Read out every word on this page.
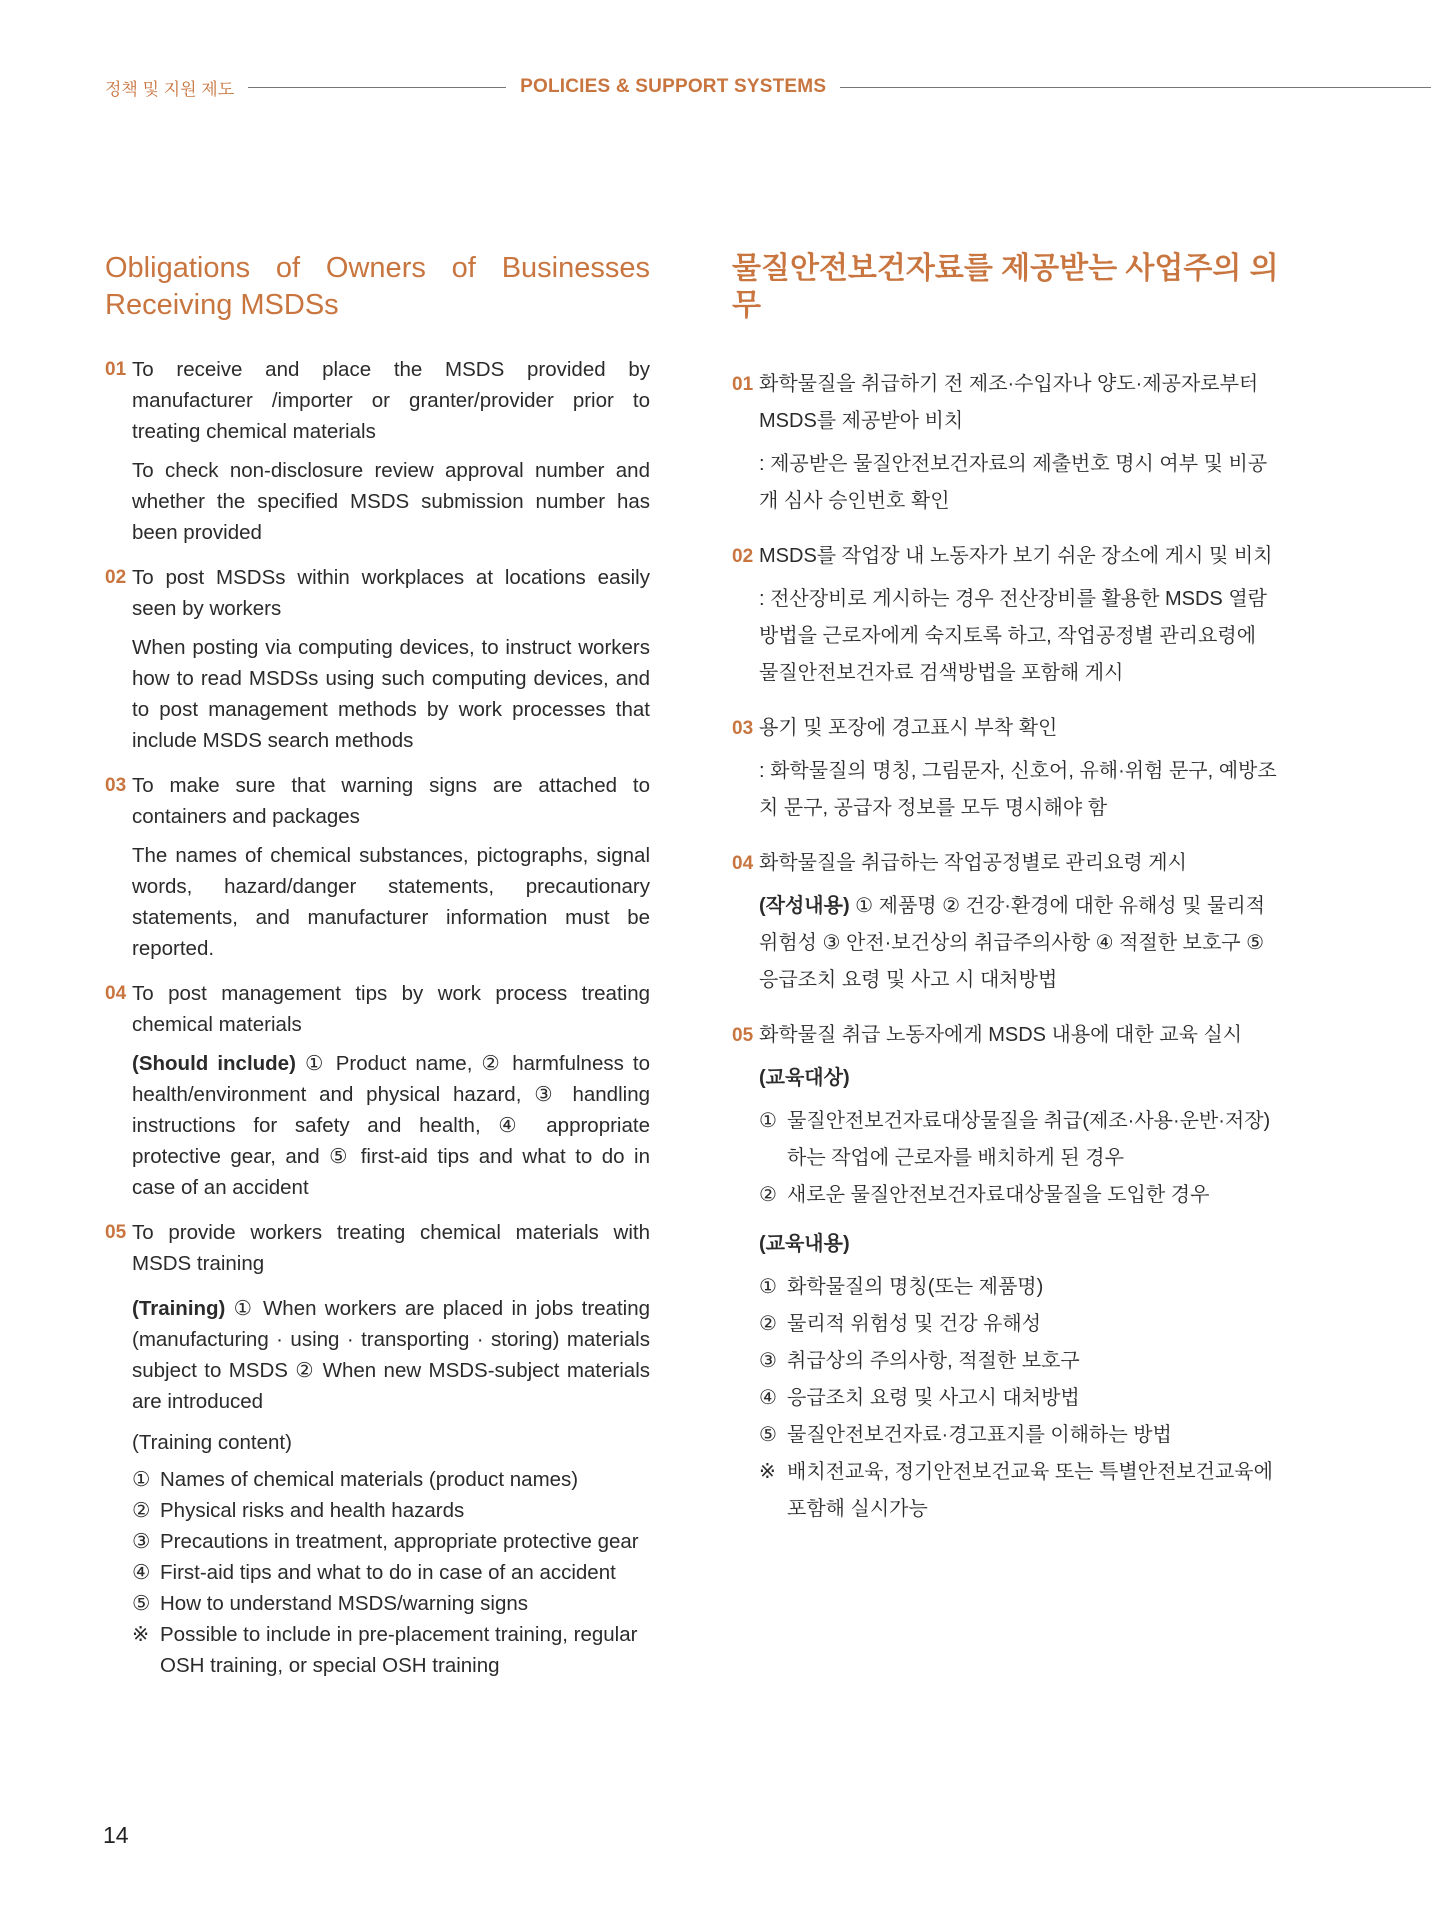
정책 및 지원 제도	POLICIES & SUPPORT SYSTEMS
Obligations of Owners of Businesses Receiving MSDSs
01 To receive and place the MSDS provided by manufacturer /importer or granter/provider prior to treating chemical materials

To check non-disclosure review approval number and whether the specified MSDS submission number has been provided

02 To post MSDSs within workplaces at locations easily seen by workers

When posting via computing devices, to instruct workers how to read MSDSs using such computing devices, and to post management methods by work processes that include MSDS search methods

03 To make sure that warning signs are attached to containers and packages

The names of chemical substances, pictographs, signal words, hazard/danger statements, precautionary statements, and manufacturer information must be reported.

04 To post management tips by work process treating chemical materials

(Should include) ① Product name, ② harmfulness to health/environment and physical hazard, ③ handling instructions for safety and health, ④ appropriate protective gear, and ⑤ first-aid tips and what to do in case of an accident

05 To provide workers treating chemical materials with MSDS training

(Training) ① When workers are placed in jobs treating (manufacturing · using · transporting · storing) materials subject to MSDS ② When new MSDS-subject materials are introduced

(Training content)

① Names of chemical materials (product names)
② Physical risks and health hazards
③ Precautions in treatment, appropriate protective gear
④ First-aid tips and what to do in case of an accident
⑤ How to understand MSDS/warning signs
※ Possible to include in pre-placement training, regular OSH training, or special OSH training
물질안전보건자료를 제공받는 사업주의 의무
01 화학물질을 취급하기 전 제조·수입자나 양도·제공자로부터 MSDS를 제공받아 비치

: 제공받은 물질안전보건자료의 제출번호 명시 여부 및 비공개 심사 승인번호 확인

02 MSDS를 작업장 내 노동자가 보기 쉬운 장소에 게시 및 비치

: 전산장비로 게시하는 경우 전산장비를 활용한 MSDS 열람방법을 근로자에게 숙지토록 하고, 작업공정별 관리요령에 물질안전보건자료 검색방법을 포함해 게시

03 용기 및 포장에 경고표시 부착 확인

: 화학물질의 명칭, 그림문자, 신호어, 유해·위험 문구, 예방조치 문구, 공급자 정보를 모두 명시해야 함

04 화학물질을 취급하는 작업공정별로 관리요령 게시

(작성내용) ① 제품명 ② 건강·환경에 대한 유해성 및 물리적 위험성 ③ 안전·보건상의 취급주의사항 ④ 적절한 보호구 ⑤ 응급조치 요령 및 사고 시 대처방법

05 화학물질 취급 노동자에게 MSDS 내용에 대한 교육 실시

(교육대상)

① 물질안전보건자료대상물질을 취급(제조·사용·운반·저장)하는 작업에 근로자를 배치하게 된 경우
② 새로운 물질안전보건자료대상물질을 도입한 경우

(교육내용)

① 화학물질의 명칭(또는 제품명)
② 물리적 위험성 및 건강 유해성
③ 취급상의 주의사항, 적절한 보호구
④ 응급조치 요령 및 사고시 대처방법
⑤ 물질안전보건자료·경고표지를 이해하는 방법
※ 배치전교육, 정기안전보건교육 또는 특별안전보건교육에 포함해 실시가능
14
